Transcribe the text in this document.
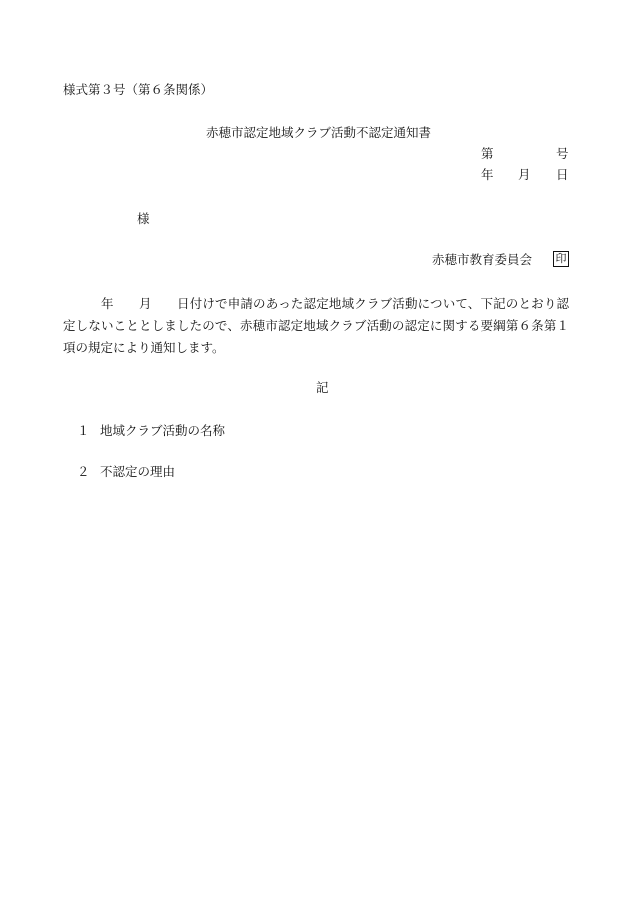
様式第３号（第６条関係）
赤穂市認定地域クラブ活動不認定通知書
第	号
年 月 日
様
赤穂市教育委員会 印

年　　月　　日付けで申請のあった認定地域クラブ活動について、下記のとおり認定しないこととしましたので、赤穂市認定地域クラブ活動の認定に関する要綱第６条第１項の規定により通知します。

記
１ 地域クラブ活動の名称
２ 不認定の理由
